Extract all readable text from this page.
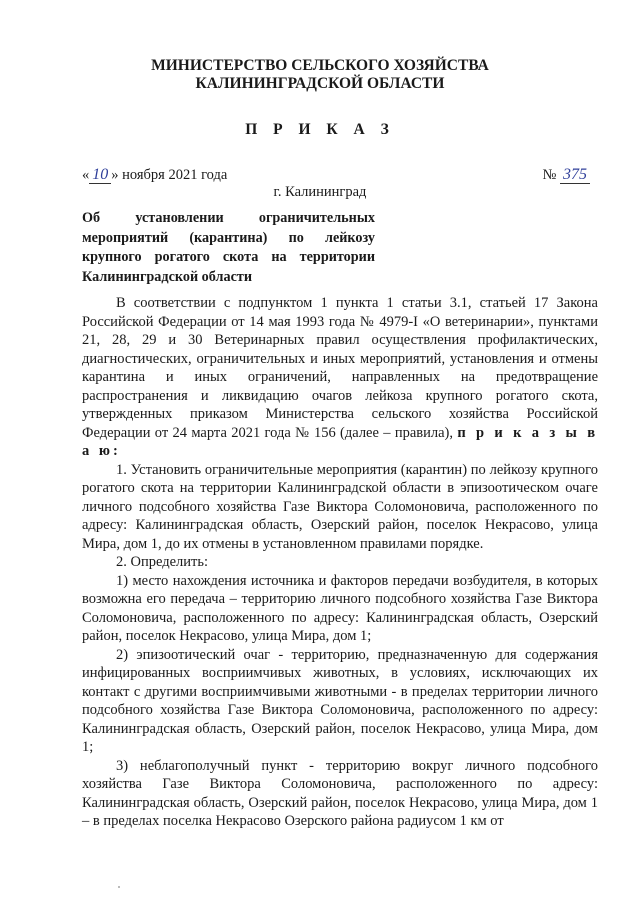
МИНИСТЕРСТВО СЕЛЬСКОГО ХОЗЯЙСТВА
КАЛИНИНГРАДСКОЙ ОБЛАСТИ
П Р И К А З
« 10 » ноября 2021 года	№ 375
г. Калининград
Об установлении ограничительных мероприятий (карантина) по лейкозу крупного рогатого скота на территории
Калининградской области

В соответствии с подпунктом 1 пункта 1 статьи 3.1, статьей 17 Закона Российской Федерации от 14 мая 1993 года № 4979-I «О ветеринарии», пунктами 21, 28, 29 и 30 Ветеринарных правил осуществления профилактических, диагностических, ограничительных и иных мероприятий, установления и отмены карантина и иных ограничений, направленных на предотвращение распространения и ликвидацию очагов лейкоза крупного рогатого скота, утвержденных приказом Министерства сельского хозяйства Российской Федерации от 24 марта 2021 года № 156 (далее – правила), п р и к а з ы в а ю:

1. Установить ограничительные мероприятия (карантин) по лейкозу крупного рогатого скота на территории Калининградской области в эпизоотическом очаге личного подсобного хозяйства Газе Виктора Соломоновича, расположенного по адресу: Калининградская область, Озерский район, поселок Некрасово, улица Мира, дом 1, до их отмены в установленном правилами порядке.

2. Определить:

1) место нахождения источника и факторов передачи возбудителя, в которых возможна его передача – территорию личного подсобного хозяйства Газе Виктора Соломоновича, расположенного по адресу: Калининградская область, Озерский район, поселок Некрасово, улица Мира, дом 1;

2) эпизоотический очаг - территорию, предназначенную для содержания инфицированных восприимчивых животных, в условиях, исключающих их контакт с другими восприимчивыми животными - в пределах территории личного подсобного хозяйства Газе Виктора Соломоновича, расположенного по адресу: Калининградская область, Озерский район, поселок Некрасово, улица Мира, дом 1;

3) неблагополучный пункт - территорию вокруг личного подсобного хозяйства Газе Виктора Соломоновича, расположенного по адресу: Калининградская область, Озерский район, поселок Некрасово, улица Мира, дом 1 – в пределах поселка Некрасово Озерского района радиусом 1 км от
